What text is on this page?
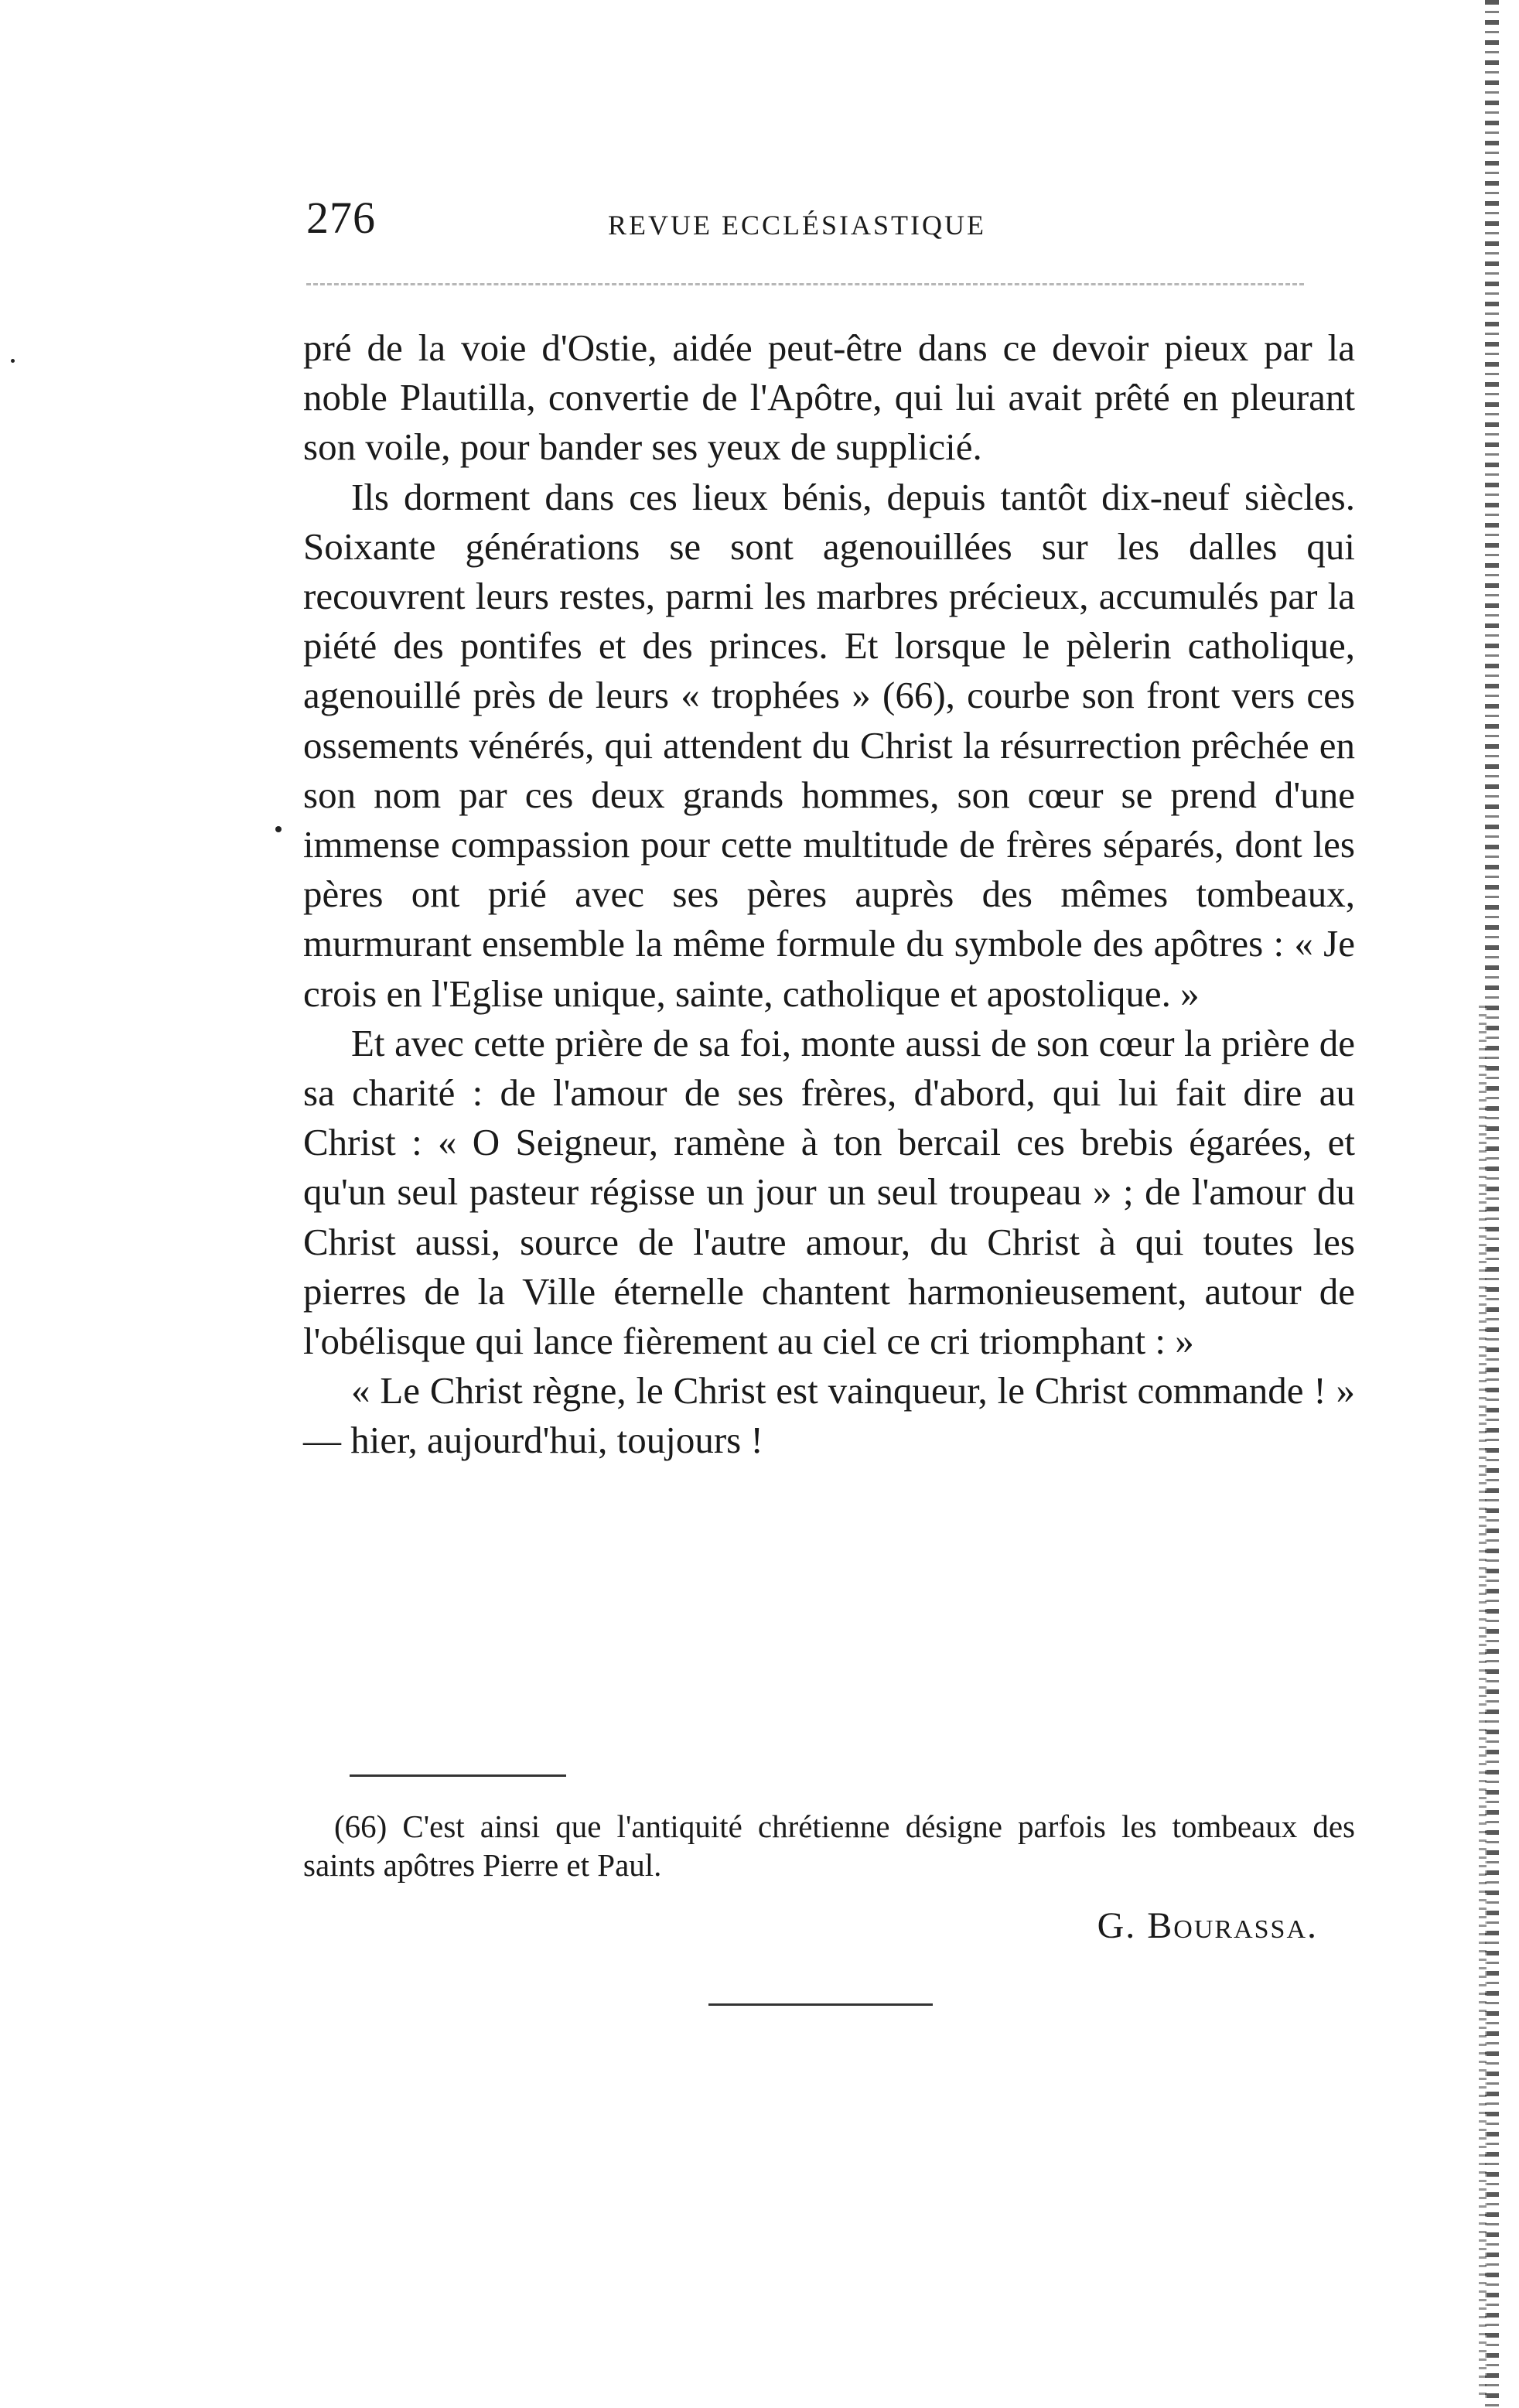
276	REVUE ECCLÉSIASTIQUE

pré de la voie d'Ostie, aidée peut-être dans ce devoir pieux par la noble Plautilla, convertie de l'Apôtre, qui lui avait prêté en pleurant son voile, pour bander ses yeux de supplicié.

Ils dorment dans ces lieux bénis, depuis tantôt dix-neuf siècles. Soixante générations se sont agenouillées sur les dalles qui recouvrent leurs restes, parmi les marbres précieux, accumulés par la piété des pontifes et des princes. Et lorsque le pèlerin catholique, agenouillé près de leurs « trophées » (66), courbe son front vers ces ossements vénérés, qui attendent du Christ la résurrection prêchée en son nom par ces deux grands hommes, son cœur se prend d'une immense compassion pour cette multitude de frères séparés, dont les pères ont prié avec ses pères auprès des mêmes tombeaux, murmurant ensemble la même formule du symbole des apôtres : « Je crois en l'Eglise unique, sainte, catholique et apostolique. »

Et avec cette prière de sa foi, monte aussi de son cœur la prière de sa charité : de l'amour de ses frères, d'abord, qui lui fait dire au Christ : « O Seigneur, ramène à ton bercail ces brebis égarées, et qu'un seul pasteur régisse un jour un seul troupeau » ; de l'amour du Christ aussi, source de l'autre amour, du Christ à qui toutes les pierres de la Ville éternelle chantent harmonieusement, autour de l'obélisque qui lance fièrement au ciel ce cri triomphant : »

« Le Christ règne, le Christ est vainqueur, le Christ commande ! » — hier, aujourd'hui, toujours !

(66) C'est ainsi que l'antiquité chrétienne désigne parfois les tombeaux des saints apôtres Pierre et Paul.

G. Bourassa.
